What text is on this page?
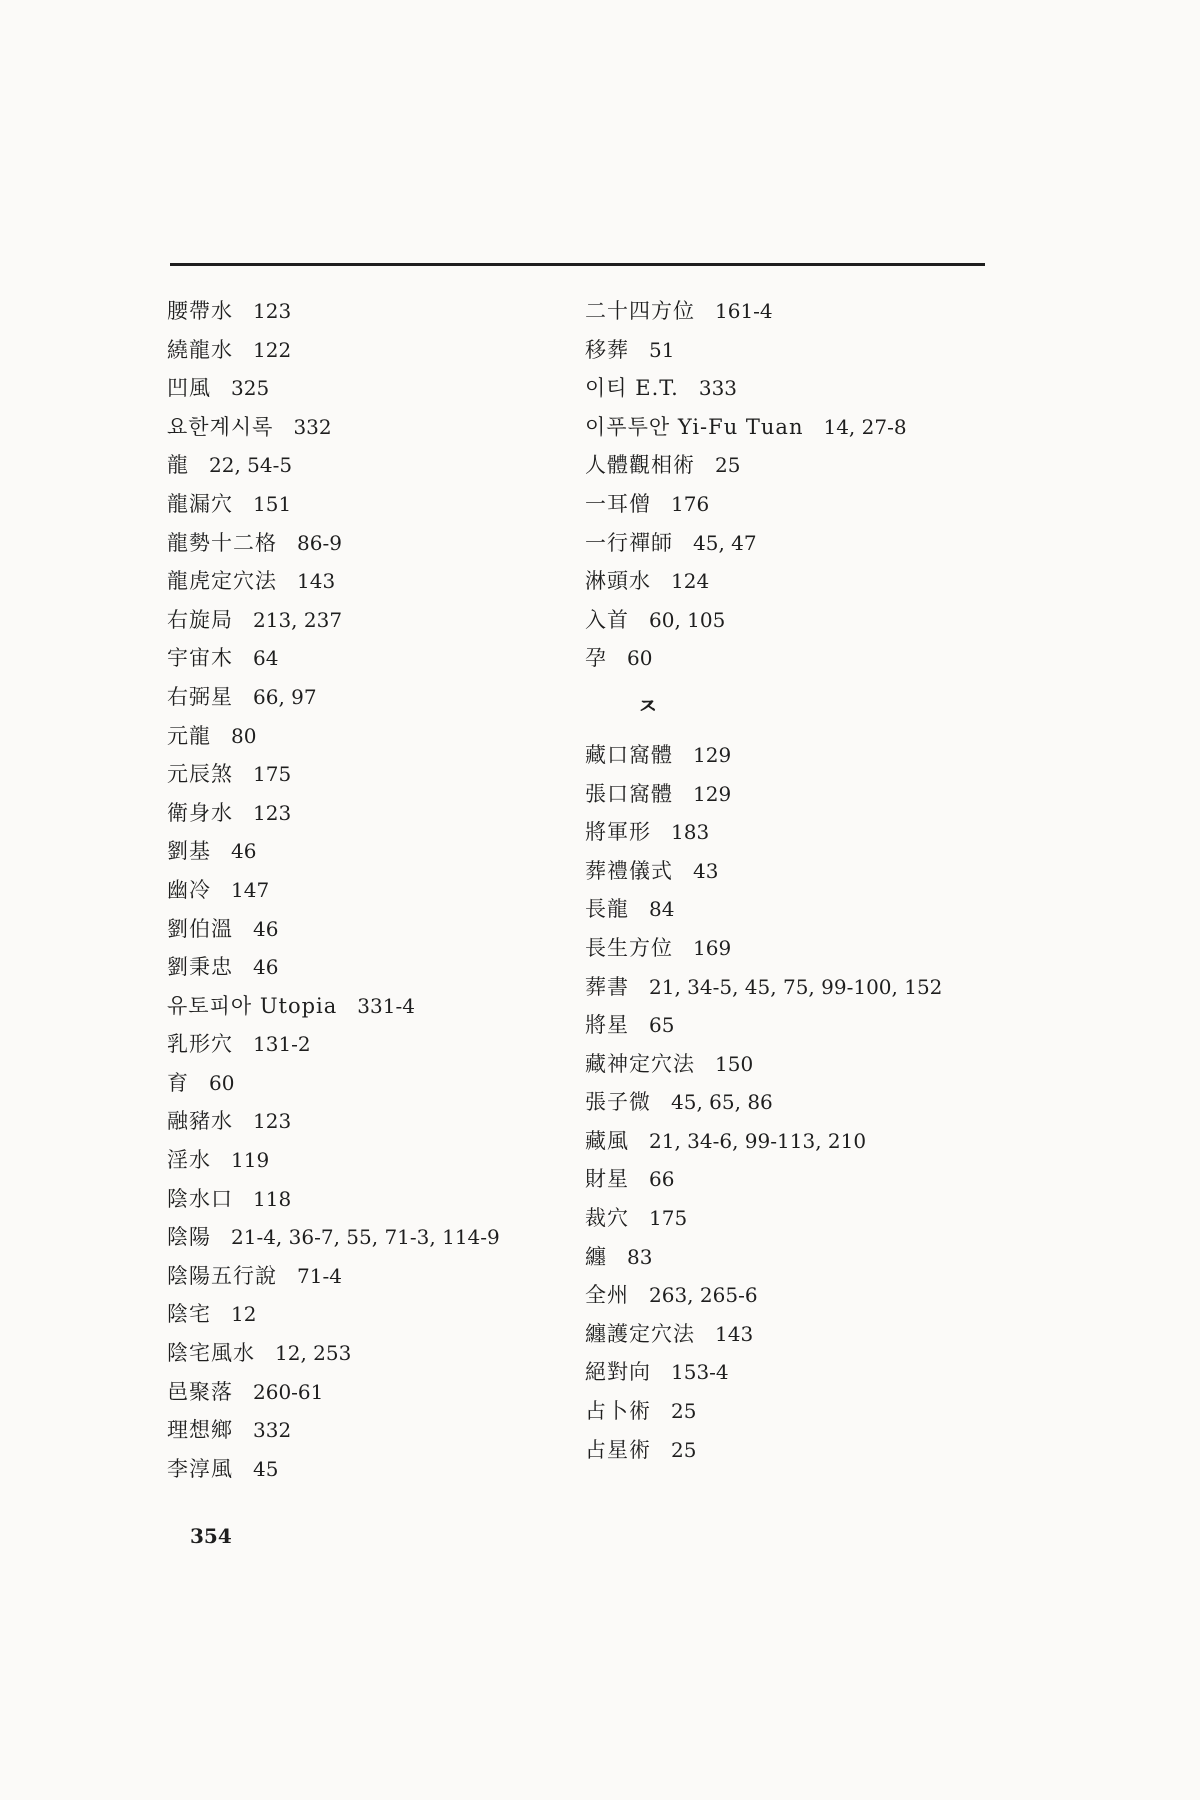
腰帶水 123
繞龍水 122
凹風 325
요한계시록 332
龍 22, 54-5
龍漏穴 151
龍勢十二格 86-9
龍虎定穴法 143
右旋局 213, 237
宇宙木 64
右弼星 66, 97
元龍 80
元辰煞 175
衛身水 123
劉基 46
幽冷 147
劉伯溫 46
劉秉忠 46
유토피아 Utopia 331-4
乳形穴 131-2
育 60
融豬水 123
淫水 119
陰水口 118
陰陽 21-4, 36-7, 55, 71-3, 114-9
陰陽五行說 71-4
陰宅 12
陰宅風水 12, 253
邑聚落 260-61
理想鄉 332
李淳風 45
二十四方位 161-4
移葬 51
이티 E.T. 333
이푸투안 Yi-Fu Tuan 14, 27-8
人體觀相術 25
一耳僧 176
一行禪師 45, 47
淋頭水 124
入首 60, 105
孕 60
ㅈ
藏口窩體 129
張口窩體 129
將軍形 183
葬禮儀式 43
長龍 84
長生方位 169
葬書 21, 34-5, 45, 75, 99-100, 152
將星 65
藏神定穴法 150
張子微 45, 65, 86
藏風 21, 34-6, 99-113, 210
財星 66
裁穴 175
纏 83
全州 263, 265-6
纏護定穴法 143
絕對向 153-4
占卜術 25
占星術 25
354
